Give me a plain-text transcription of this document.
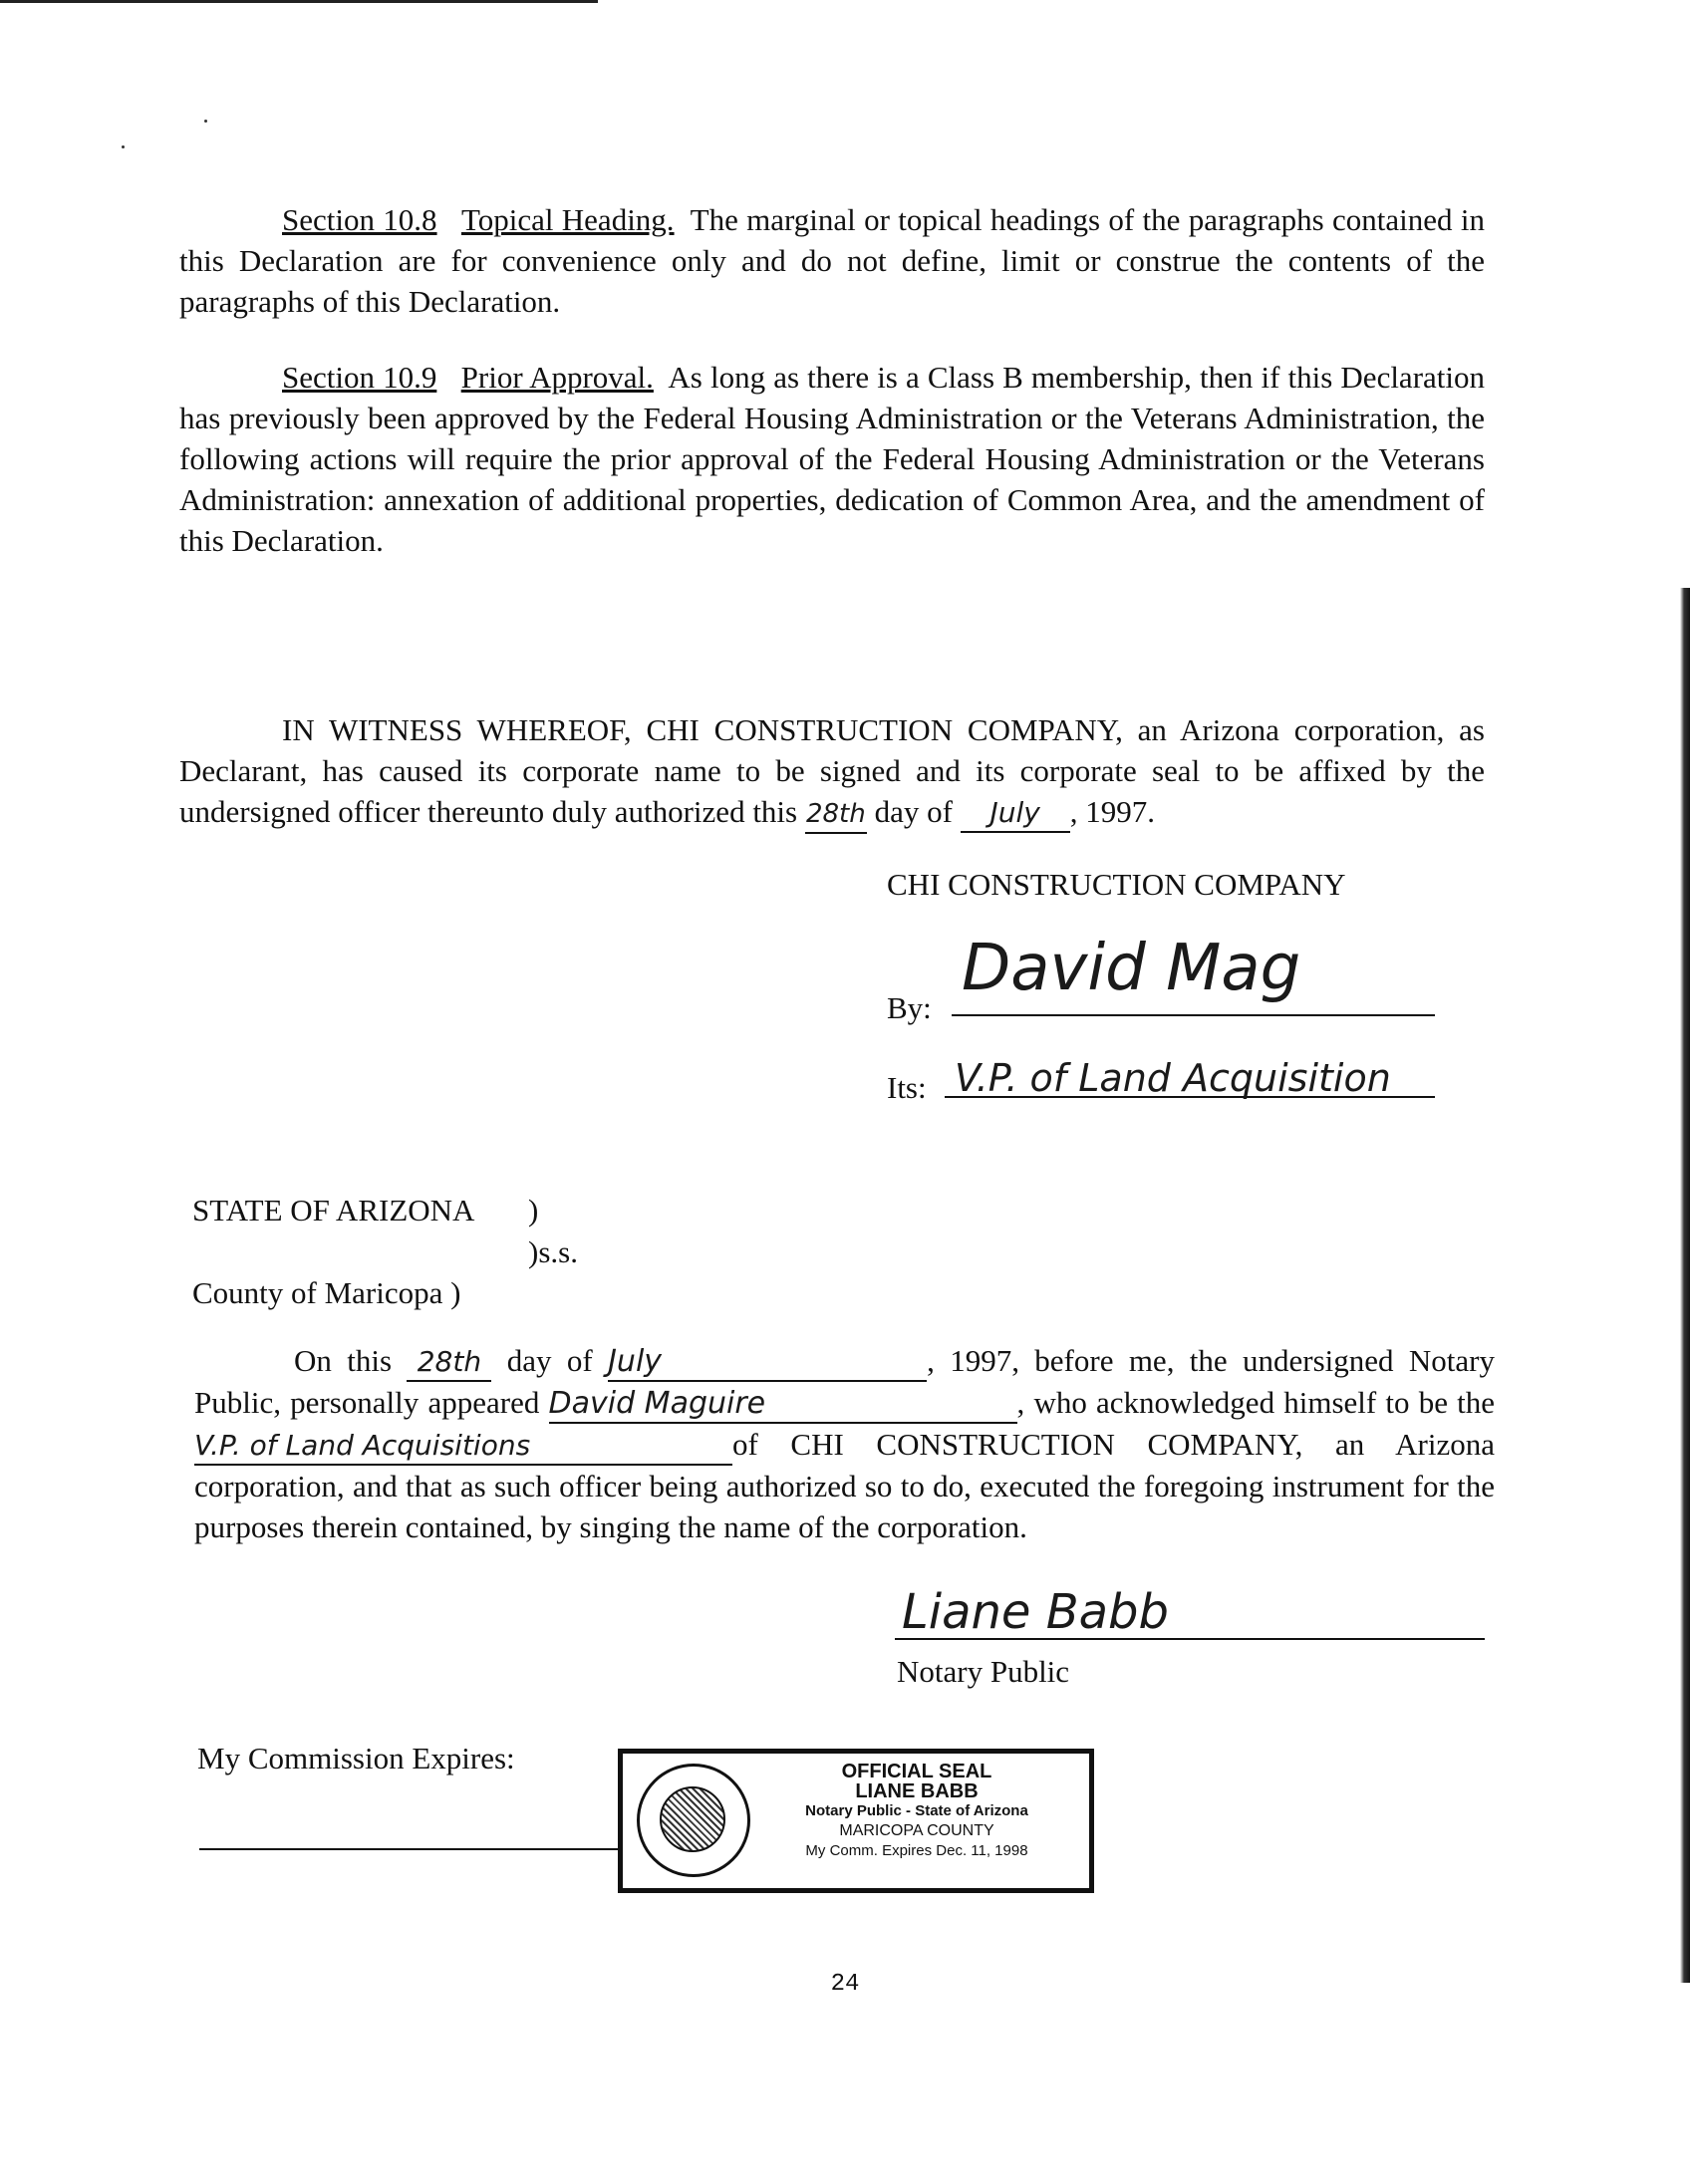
Section 10.8 Topical Heading. The marginal or topical headings of the paragraphs contained in this Declaration are for convenience only and do not define, limit or construe the contents of the paragraphs of this Declaration.
Section 10.9 Prior Approval. As long as there is a Class B membership, then if this Declaration has previously been approved by the Federal Housing Administration or the Veterans Administration, the following actions will require the prior approval of the Federal Housing Administration or the Veterans Administration: annexation of additional properties, dedication of Common Area, and the amendment of this Declaration.
IN WITNESS WHEREOF, CHI CONSTRUCTION COMPANY, an Arizona corporation, as Declarant, has caused its corporate name to be signed and its corporate seal to be affixed by the undersigned officer thereunto duly authorized this 28th day of July , 1997.
CHI CONSTRUCTION COMPANY
By:
David Mag
Its: V.P. of Land Acquisition
STATE OF ARIZONA )
)s.s.
County of Maricopa )
On this 28th day of July	, 1997, before me, the undersigned Notary Public, personally appeared David Maguire	, who acknowledged himself to be the V.P. of Land Acquisitions	of CHI CONSTRUCTION COMPANY, an Arizona corporation, and that as such officer being authorized so to do, executed the foregoing instrument for the purposes therein contained, by singing the name of the corporation.
Liane Babb
Notary Public
My Commission Expires:	OFFICIAL SEAL
LIANE BABB
Notary Public - State of Arizona
MARICOPA COUNTY
My Comm. Expires Dec. 11, 1998
24
